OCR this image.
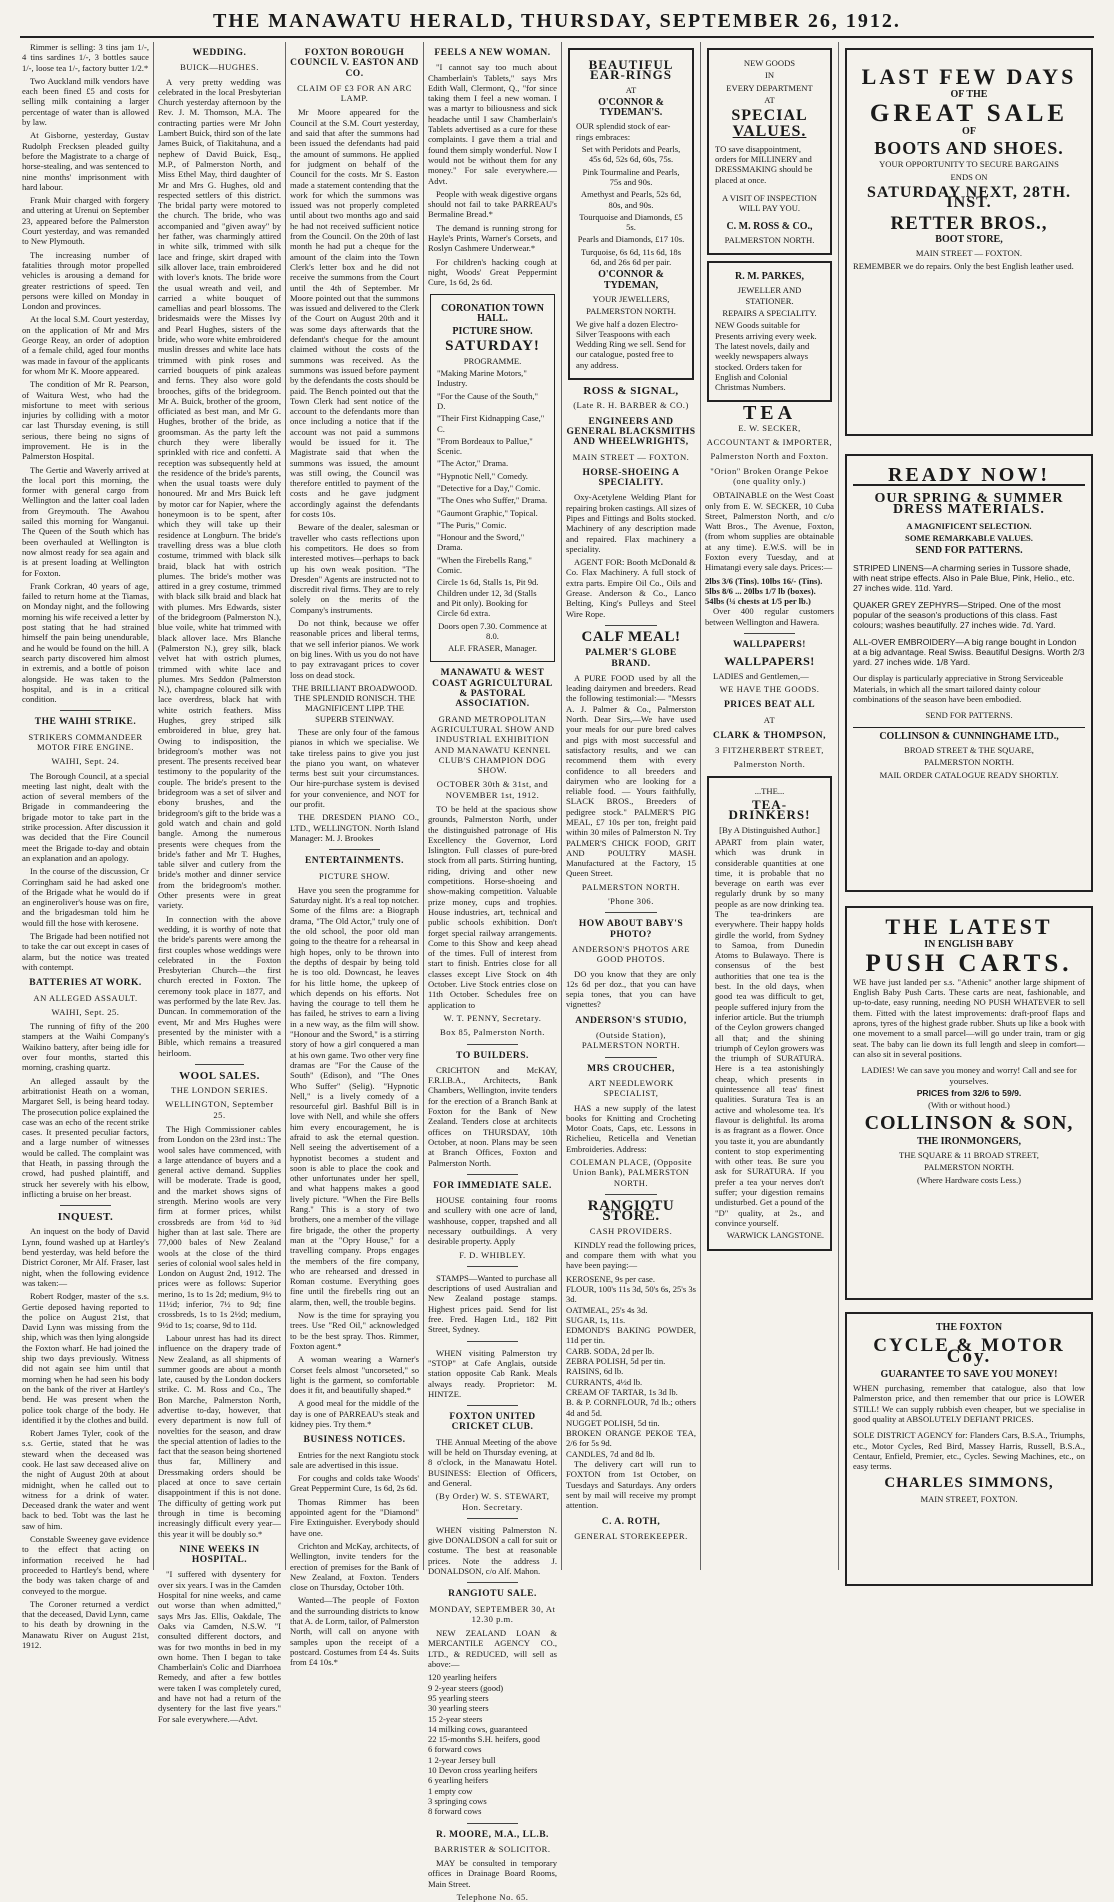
THE MANAWATU HERALD, THURSDAY, SEPTEMBER 26, 1912.

Rimmer is selling: 3 tins jam 1/-, 4 tins sardines 1/-, 3 bottles sauce 1/-, loose tea 1/-, factory butter 1/2.*

Two Auckland milk vendors have each been fined £5 and costs for selling milk containing a larger percentage of water than is allowed by law.

At Gisborne, yesterday, Gustav Rudolph Frecksen pleaded guilty before the Magistrate to a charge of horse-stealing, and was sentenced to nine months' imprisonment with hard labour.

Frank Muir charged with forgery and uttering at Urenui on September 23, appeared before the Palmerston Court yesterday, and was remanded to New Plymouth.

The increasing number of fatalities through motor propelled vehicles is arousing a demand for greater restrictions of speed. Ten persons were killed on Monday in London and provinces.

At the local S.M. Court yesterday, on the application of Mr and Mrs George Reay, an order of adoption of a female child, aged four months was made in favour of the applicants for whom Mr K. Moore appeared.

The condition of Mr R. Pearson, of Waitura West, who had the misfortune to meet with serious injuries by colliding with a motor car last Thursday evening, is still serious, there being no signs of improvement. He is in the Palmerston Hospital.

The Gertie and Waverly arrived at the local port this morning, the former with general cargo from Wellington and the latter coal laden from Greymouth. The Awahou sailed this morning for Wanganui. The Queen of the South which has been overhauled at Wellington is now almost ready for sea again and is at present loading at Wellington for Foxton.

Frank Corkran, 40 years of age, failed to return home at the Tiamas, on Monday night, and the following morning his wife received a letter by post stating that he had strained himself the pain being unendurable, and he would be found on the hill. A search party discovered him almost in extremis, and a bottle of poison alongside. He was taken to the hospital, and is in a critical condition.

THE WAIHI STRIKE.
STRIKERS COMMANDEER MOTOR FIRE ENGINE.
WAIHI, Sept. 24.

The Borough Council, at a special meeting last night, dealt with the action of several members of the Brigade in commandeering the brigade motor to take part in the strike procession. After discussion it was decided that the Fire Council meet the Brigade to-day and obtain an explanation and an apology.

In the course of the discussion, Cr Corringham said he had asked one of the Brigade what he would do if an engineroliver's house was on fire, and the brigadesman told him he would fill the hose with kerosene.

The Brigade had been notified not to take the car out except in cases of alarm, but the notice was treated with contempt.

BATTERIES AT WORK.
AN ALLEGED ASSAULT.
WAIHI, Sept. 25.

The running of fifty of the 200 stampers at the Waihi Company's Waikino battery, after being idle for over four months, started this morning, crashing quartz.

An alleged assault by the arbitrationist Heath on a woman, Margaret Sell, is being heard today. The prosecution police explained the case was an echo of the recent strike cases. It presented peculiar factors, and a large number of witnesses would be called. The complaint was that Heath, in passing through the crowd, had pushed plaintiff, and struck her severely with his elbow, inflicting a bruise on her breast.

INQUEST.

An inquest on the body of David Lynn, found washed up at Hartley's bend yesterday, was held before the District Coroner, Mr Alf. Fraser, last night, when the following evidence was taken:—

Robert Rodger, master of the s.s. Gertie deposed having reported to the police on August 21st, that David Lynn was missing from the ship, which was then lying alongside the Foxton wharf. He had joined the ship two days previously. Witness did not again see him until that morning when he had seen his body on the bank of the river at Hartley's bend. He was present when the police took charge of the body. He identified it by the clothes and build.

Robert James Tyler, cook of the s.s. Gertie, stated that he was steward when the deceased was cook. He last saw deceased alive on the night of August 20th at about midnight, when he called out to witness for a drink of water. Deceased drank the water and went back to bed. Tobt was the last he saw of him.

Constable Sweeney gave evidence to the effect that acting on information received he had proceeded to Hartley's bend, where the body was taken charge of and conveyed to the morgue.

The Coroner returned a verdict that the deceased, David Lynn, came to his death by drowning in the Manawatu River on August 21st, 1912.

WEDDING.
BUICK—HUGHES.

A very pretty wedding was celebrated in the local Presbyterian Church yesterday afternoon by the Rev. J. M. Thomson, M.A. The contracting parties were Mr John Lambert Buick, third son of the late James Buick, of Tiakitahuna, and a nephew of David Buick, Esq., M.P., of Palmerston North, and Miss Ethel May, third daughter of Mr and Mrs G. Hughes, old and respected settlers of this district. The bridal party were motored to the church. The bride, who was accompanied and "given away" by her father, was charmingly attired in white silk, trimmed with silk lace and fringe, skirt draped with silk allover lace, train embroidered with lover's knots. The bride wore the usual wreath and veil, and carried a white bouquet of camellias and pearl blossoms. The bridesmaids were the Misses Ivy and Pearl Hughes, sisters of the bride, who wore white embroidered muslin dresses and white lace hats trimmed with pink roses and carried bouquets of pink azaleas and ferns. They also wore gold brooches, gifts of the bridegroom. Mr A. Buick, brother of the groom, officiated as best man, and Mr G. Hughes, brother of the bride, as groomsman. As the party left the church they were liberally sprinkled with rice and confetti. A reception was subsequently held at the residence of the bride's parents, when the usual toasts were duly honoured. Mr and Mrs Buick left by motor car for Napier, where the honeymoon is to be spent, after which they will take up their residence at Longburn. The bride's travelling dress was a blue cloth costume, trimmed with black silk braid, black hat with ostrich plumes. The bride's mother was attired in a grey costume, trimmed with black silk braid and black hat with plumes. Mrs Edwards, sister of the bridegroom (Palmerston N.), blue voile, white hat trimmed with black allover lace. Mrs Blanche (Palmerston N.), grey silk, black velvet hat with ostrich plumes, trimmed with white lace and plumes. Mrs Seddon (Palmerston N.), champagne coloured silk with lace overdress, black hat with white ostrich feathers. Miss Hughes, grey striped silk embroidered in blue, grey hat. Owing to indisposition, the bridegroom's mother was not present. The presents received bear testimony to the popularity of the couple. The bride's present to the bridegroom was a set of silver and ebony brushes, and the bridegroom's gift to the bride was a gold watch and chain and gold bangle. Among the numerous presents were cheques from the bride's father and Mr T. Hughes, table silver and cutlery from the bride's mother and dinner service from the bridegroom's mother. Other presents were in great variety.

In connection with the above wedding, it is worthy of note that the bride's parents were among the first couples whose weddings were celebrated in the Foxton Presbyterian Church—the first church erected in Foxton. The ceremony took place in 1877, and was performed by the late Rev. Jas. Duncan. In commemoration of the event, Mr and Mrs Hughes were presented by the minister with a Bible, which remains a treasured heirloom.

WOOL SALES.
THE LONDON SERIES.
WELLINGTON, September 25.

The High Commissioner cables from London on the 23rd inst.: The wool sales have commenced, with a large attendance of buyers and a general active demand. Supplies will be moderate. Trade is good, and the market shows signs of strength. Merino wools are very firm at former prices, whilst crossbreds are from ½d to ¾d higher than at last sale. There are 77,000 bales of New Zealand wools at the close of the third series of colonial wool sales held in London on August 2nd, 1912. The prices were as follows: Superior merino, 1s to 1s 2d; medium, 9½ to 11½d; inferior, 7½ to 9d; fine crossbreds, 1s to 1s 2½d; medium, 9½d to 1s; coarse, 9d to 11d.

Labour unrest has had its direct influence on the drapery trade of New Zealand, as all shipments of summer goods are about a month late, caused by the London dockers strike. C. M. Ross and Co., The Bon Marche, Palmerston North, advertise to-day, however, that every department is now full of novelties for the season, and draw the special attention of ladies to the fact that the season being shortened thus far, Millinery and Dressmaking orders should be placed at once to save certain disappointment if this is not done. The difficulty of getting work put through in time is becoming increasingly difficult every year—this year it will be doubly so.*

NINE WEEKS IN HOSPITAL.

"I suffered with dysentery for over six years. I was in the Camden Hospital for nine weeks, and came out worse than when admitted," says Mrs Jas. Ellis, Oakdale, The Oaks via Camden, N.S.W. "I consulted different doctors, and was for two months in bed in my own home. Then I began to take Chamberlain's Colic and Diarrhoea Remedy, and after a few bottles were taken I was completely cured, and have not had a return of the dysentery for the last five years." For sale everywhere.—Advt.

FOXTON BOROUGH COUNCIL V. EASTON AND CO.
CLAIM OF £3 FOR AN ARC LAMP.

Mr Moore appeared for the Council at the S.M. Court yesterday, and said that after the summons had been issued the defendants had paid the amount of summons. He applied for judgment on behalf of the Council for the costs. Mr S. Easton made a statement contending that the work for which the summons was issued was not properly completed until about two months ago and said he had not received sufficient notice from the Council. On the 20th of last month he had put a cheque for the amount of the claim into the Town Clerk's letter box and he did not receive the summons from the Court until the 4th of September. Mr Moore pointed out that the summons was issued and delivered to the Clerk of the Court on August 20th and it was some days afterwards that the defendant's cheque for the amount claimed without the costs of the summons was received. As the summons was issued before payment by the defendants the costs should be paid. The Bench pointed out that the Town Clerk had sent notice of the account to the defendants more than once including a notice that if the account was not paid a summons would be issued for it. The Magistrate said that when the summons was issued, the amount was still owing, the Council was therefore entitled to payment of the costs and he gave judgment accordingly against the defendants for costs 10s.

Beware of the dealer, salesman or traveller who casts reflections upon his competitors. He does so from interested motives—perhaps to back up his own weak position. "The Dresden" Agents are instructed not to discredit rival firms. They are to rely solely on the merits of the Company's instruments.

Do not think, because we offer reasonable prices and liberal terms, that we sell inferior pianos. We work on big lines. With us you do not have to pay extravagant prices to cover loss on dead stock.

THE BRILLIANT BROADWOOD. THE SPLENDID RONISCH. THE MAGNIFICENT LIPP. THE SUPERB STEINWAY.

These are only four of the famous pianos in which we specialise. We take tireless pains to give you just the piano you want, on whatever terms best suit your circumstances. Our hire-purchase system is devised for your convenience, and NOT for our profit.

THE DRESDEN PIANO CO., LTD., WELLINGTON. North Island Manager: M. J. Brookes

ENTERTAINMENTS.
PICTURE SHOW.

Have you seen the programme for Saturday night. It's a real top notcher. Some of the films are: a Biograph drama, "The Old Actor," truly one of the old school, the poor old man going to the theatre for a rehearsal in high hopes, only to be thrown into the depths of despair by being told he is too old. Downcast, he leaves for his little home, the upkeep of which depends on his efforts. Not having the courage to tell them he has failed, he strives to earn a living in a new way, as the film will show. "Honour and the Sword," is a stirring story of how a girl conquered a man at his own game. Two other very fine dramas are "For the Cause of the South" (Edison), and "The Ones Who Suffer" (Selig). "Hypnotic Nell," is a lively comedy of a resourceful girl. Bashful Bill is in love with Nell, and while she offers him every encouragement, he is afraid to ask the eternal question. Nell seeing the advertisement of a hypnotist becomes a student and soon is able to place the cook and other unfortunates under her spell, and what happens makes a good lively picture. "When the Fire Bells Rang." This is a story of two brothers, one a member of the village fire brigade, the other the property man at the "Opry House," for a travelling company. Props engages the members of the fire company, who are rehearsed and dressed in Roman costume. Everything goes fine until the firebells ring out an alarm, then, well, the trouble begins.

Now is the time for spraying you trees. Use "Red Oil," acknowledged to be the best spray. Thos. Rimmer, Foxton agent.*

A woman wearing a Warner's Corset feels almost "uncorseted," so light is the garment, so comfortable does it fit, and beautifully shaped.*

A good meal for the middle of the day is one of PARREAU's steak and kidney pies. Try them.*

BUSINESS NOTICES.

Entries for the next Rangiotu stock sale are advertised in this issue.

For coughs and colds take Woods' Great Peppermint Cure, 1s 6d, 2s 6d.

Thomas Rimmer has been appointed agent for the "Diamond" Fire Extinguisher. Everybody should have one.

Crichton and McKay, architects, of Wellington, invite tenders for the erection of premises for the Bank of New Zealand, at Foxton. Tenders close on Thursday, October 10th.

Wanted—The people of Foxton and the surrounding districts to know that A. de Lorm, tailor, of Palmerston North, will call on anyone with samples upon the receipt of a postcard. Costumes from £4 4s. Suits from £4 10s.*

FEELS A NEW WOMAN.

"I cannot say too much about Chamberlain's Tablets," says Mrs Edith Wall, Clermont, Q., "for since taking them I feel a new woman. I was a martyr to biliousness and sick headache until I saw Chamberlain's Tablets advertised as a cure for these complaints. I gave them a trial and found them simply wonderful. Now I would not be without them for any money." For sale everywhere.—Advt.

People with weak digestive organs should not fail to take PARREAU's Bermaline Bread.*

The demand is running strong for Hayle's Prints, Warner's Corsets, and Roslyn Cashmere Underwear.*

For children's hacking cough at night, Woods' Great Peppermint Cure, 1s 6d, 2s 6d.

CORONATION TOWN HALL.
PICTURE SHOW.
SATURDAY!
PROGRAMME.
"Making Marine Motors," Industry.
"For the Cause of the South," D.
"Their First Kidnapping Case," C.
"From Bordeaux to Pallue," Scenic.
"The Actor," Drama.
"Hypnotic Nell," Comedy.
"Detective for a Day," Comic.
"The Ones who Suffer," Drama.
"Gaumont Graphic," Topical.
"The Puris," Comic.
"Honour and the Sword," Drama.
"When the Firebells Rang," Comic.
Circle 1s 6d, Stalls 1s, Pit 9d. Children under 12, 3d (Stalls and Pit only). Booking for Circle 6d extra.
Doors open 7.30. Commence at 8.0.
ALF. FRASER, Manager.
MANAWATU & WEST COAST AGRICULTURAL & PASTORAL ASSOCIATION.
GRAND METROPOLITAN AGRICULTURAL SHOW AND INDUSTRIAL EXHIBITION AND MANAWATU KENNEL CLUB'S CHAMPION DOG SHOW.
OCTOBER 30th & 31st, and NOVEMBER 1st, 1912.

TO be held at the spacious show grounds, Palmerston North, under the distinguished patronage of His Excellency the Governor, Lord Islington. Full classes of pure-bred stock from all parts. Stirring hunting, riding, driving and other new competitions. Horse-shoeing and show-making competition. Valuable prize money, cups and trophies. House industries, art, technical and public schools exhibition. Don't forget special railway arrangements. Come to this Show and keep ahead of the times. Full of interest from start to finish. Entries close for all classes except Live Stock on 4th October. Live Stock entries close on 11th October. Schedules free on application to

W. T. PENNY, Secretary.
Box 85, Palmerston North.
TO BUILDERS.

CRICHTON and McKAY, F.R.I.B.A., Architects, Bank Chambers, Wellington, invite tenders for the erection of a Branch Bank at Foxton for the Bank of New Zealand. Tenders close at architects offices on THURSDAY, 10th October, at noon. Plans may be seen at Branch Offices, Foxton and Palmerston North.

FOR IMMEDIATE SALE.

HOUSE containing four rooms and scullery with one acre of land, washhouse, copper, trapshed and all necessary outbuildings. A very desirable property. Apply

F. D. WHIBLEY.

STAMPS—Wanted to purchase all descriptions of used Australian and New Zealand postage stamps. Highest prices paid. Send for list free. Fred. Hagen Ltd., 182 Pitt Street, Sydney.

WHEN visiting Palmerston try "STOP" at Cafe Anglais, outside station opposite Cab Rank. Meals always ready. Proprietor: M. HINTZE.

FOXTON UNITED CRICKET CLUB.

THE Annual Meeting of the above will be held on Thursday evening, at 8 o'clock, in the Manawatu Hotel. BUSINESS: Election of Officers, and General.

(By Order) W. S. STEWART, Hon. Secretary.

WHEN visiting Palmerston N. give DONALDSON a call for suit or costume. The best at reasonable prices. Note the address J. DONALDSON, c/o Alf. Mahon.

RANGIOTU SALE.
MONDAY, SEPTEMBER 30, At 12.30 p.m.

NEW ZEALAND LOAN & MERCANTILE AGENCY CO., LTD., & REDUCED, will sell as above:—

120 yearling heifers
9 2-year steers (good)
95 yearling steers
30 yearling steers
15 2-year steers
14 milking cows, guaranteed
22 15-months S.H. heifers, good
6 forward cows
1 2-year Jersey bull
10 Devon cross yearling heifers
6 yearling heifers
1 empty cow
3 springing cows
8 forward cows
R. MOORE, M.A., LL.B.
BARRISTER & SOLICITOR.

MAY be consulted in temporary offices in Drainage Board Rooms, Main Street.

Telephone No. 65.
BEAUTIFUL EAR-RINGS
AT
O'CONNOR & TYDEMAN'S.
OUR splendid stock of ear-rings embraces:
Set with Peridots and Pearls, 45s 6d, 52s 6d, 60s, 75s.
Pink Tourmaline and Pearls, 75s and 90s.
Amethyst and Pearls, 52s 6d, 80s, and 90s.
Tourquoise and Diamonds, £5 5s.
Pearls and Diamonds, £17 10s.
Turquoise, 6s 6d, 11s 6d, 18s 6d, and 26s 6d per pair.
O'CONNOR & TYDEMAN,
YOUR JEWELLERS,
PALMERSTON NORTH.
We give half a dozen Electro-Silver Teaspoons with each Wedding Ring we sell. Send for our catalogue, posted free to any address.
ROSS & SIGNAL,
(Late R. H. BARBER & CO.)
ENGINEERS AND GENERAL BLACKSMITHS AND WHEELWRIGHTS,
MAIN STREET — FOXTON.
HORSE-SHOEING A SPECIALITY.

Oxy-Acetylene Welding Plant for repairing broken castings. All sizes of Pipes and Fittings and Bolts stocked. Machinery of any description made and repaired. Flax machinery a speciality.

AGENT FOR: Booth McDonald & Co. Flax Machinery. A full stock of extra parts. Empire Oil Co., Oils and Grease. Anderson & Co., Lanco Belting, King's Pulleys and Steel Wire Rope.

CALF MEAL!
PALMER'S GLOBE BRAND.

A PURE FOOD used by all the leading dairymen and breeders. Read the following testimonial:— "Messrs A. J. Palmer & Co., Palmerston North. Dear Sirs,—We have used your meals for our pure bred calves and pigs with most successful and satisfactory results, and we can recommend them with every confidence to all breeders and dairymen who are looking for a reliable food. — Yours faithfully, SLACK BROS., Breeders of pedigree stock." PALMER'S PIG MEAL, £7 10s per ton, freight paid within 30 miles of Palmerston N. Try PALMER'S CHICK FOOD, GRIT AND POULTRY MASH. Manufactured at the Factory, 15 Queen Street.

PALMERSTON NORTH.
'Phone 306.
HOW ABOUT BABY'S PHOTO?
ANDERSON'S PHOTOS ARE GOOD PHOTOS.

DO you know that they are only 12s 6d per doz., that you can have sepia tones, that you can have vignettes?

ANDERSON'S STUDIO,
(Outside Station), PALMERSTON NORTH.
MRS CROUCHER,
ART NEEDLEWORK SPECIALIST,

HAS a new supply of the latest books for Knitting and Crocheting Motor Coats, Caps, etc. Lessons in Richelieu, Reticella and Venetian Embroideries. Address:

COLEMAN PLACE, (Opposite Union Bank), PALMERSTON NORTH.
RANGIOTU STORE.
CASH PROVIDERS.

KINDLY read the following prices, and compare them with what you have been paying:—

KEROSENE, 9s per case.
FLOUR, 100's 11s 3d, 50's 6s, 25's 3s 3d.
OATMEAL, 25's 4s 3d.
SUGAR, 1s, 11s.
EDMOND'S BAKING POWDER, 11d per tin.
CARB. SODA, 2d per lb.
ZEBRA POLISH, 5d per tin.
RAISINS, 6d lb.
CURRANTS, 4½d lb.
CREAM OF TARTAR, 1s 3d lb.
B. & P. CORNFLOUR, 7d lb.; others 4d and 5d.
NUGGET POLISH, 5d tin.
BROKEN ORANGE PEKOE TEA, 2/6 for 5s 9d.
CANDLES, 7d and 8d lb.

The delivery cart will run to FOXTON from 1st October, on Tuesdays and Saturdays. Any orders sent by mail will receive my prompt attention.

C. A. ROTH,
GENERAL STOREKEEPER.
NEW GOODS
IN
EVERY DEPARTMENT
AT
SPECIAL
VALUES.
TO save disappointment, orders for MILLINERY and DRESSMAKING should be placed at once.
A VISIT OF INSPECTION WILL PAY YOU.
C. M. ROSS & CO.,
PALMERSTON NORTH.
R. M. PARKES,
JEWELLER AND STATIONER.
REPAIRS A SPECIALITY.
NEW Goods suitable for Presents arriving every week. The latest novels, daily and weekly newspapers always stocked. Orders taken for English and Colonial Christmas Numbers.
TEA
E. W. SECKER,
ACCOUNTANT & IMPORTER,
Palmerston North and Foxton.
"Orion" Broken Orange Pekoe (one quality only.)

OBTAINABLE on the West Coast only from E. W. SECKER, 10 Cuba Street, Palmerston North, and c/o Watt Bros., The Avenue, Foxton, (from whom supplies are obtainable at any time). E.W.S. will be in Foxton every Tuesday, and at Himatangi every sale days. Prices:—

2lbs 3/6 (Tins). 10lbs 16/- (Tins).
5lbs 8/6 ... 20lbs 1/7 lb (boxes).
54lbs (¼ chests at 1/5 per lb.)

Over 400 regular customers between Wellington and Hawera.

WALLPAPERS!
WALLPAPERS!

LADIES and Gentlemen,—

WE HAVE THE GOODS.
PRICES BEAT ALL
AT
CLARK & THOMPSON,
3 FITZHERBERT STREET,
Palmerston North.
...THE...
TEA-DRINKERS!
[By A Distinguished Author.]
APART from plain water, which was drunk in considerable quantities at one time, it is probable that no beverage on earth was ever regularly drunk by so many people as are now drinking tea. The tea-drinkers are everywhere. Their happy holds girdle the world, from Sydney to Samoa, from Dunedin Atoms to Bulawayo. There is consensus of the best authorities that one tea is the best. In the old days, when good tea was difficult to get, people suffered injury from the inferior article. But the triumph of the Ceylon growers changed all that; and the shining triumph of Ceylon growers was the triumph of SURATURA. Here is a tea astonishingly cheap, which presents in quintessence all teas' finest qualities. Suratura Tea is an active and wholesome tea. It's flavour is delightful. Its aroma is as fragrant as a flower. Once you taste it, you are abundantly content to stop experimenting with other teas. Be sure you ask for SURATURA. If you prefer a tea your nerves don't suffer; your digestion remains undisturbed. Get a pound of the "D" quality, at 2s., and convince yourself.
WARWICK LANGSTONE.
LAST FEW DAYS
OF THE
GREAT SALE
OF
BOOTS AND SHOES.
YOUR OPPORTUNITY TO SECURE BARGAINS
ENDS ON
SATURDAY NEXT, 28TH. INST.
RETTER BROS.,
BOOT STORE,
MAIN STREET — FOXTON.
REMEMBER we do repairs. Only the best English leather used.
READY NOW!
OUR SPRING & SUMMER DRESS MATERIALS.
A MAGNIFICENT SELECTION.
SOME REMARKABLE VALUES.
SEND FOR PATTERNS.
STRIPED LINENS—A charming series in Tussore shade, with neat stripe effects. Also in Pale Blue, Pink, Helio., etc. 27 inches wide. 11d. Yard.
QUAKER GREY ZEPHYRS—Striped. One of the most popular of the season's productions of this class. Fast colours; washes beautifully. 27 inches wide. 7d. Yard.
ALL-OVER EMBROIDERY—A big range bought in London at a big advantage. Real Swiss. Beautiful Designs. Worth 2/3 yard. 27 inches wide. 1/8 Yard.
Our display is particularly appreciative in Strong Serviceable Materials, in which all the smart tailored dainty colour combinations of the season have been embodied.
SEND FOR PATTERNS.
COLLINSON & CUNNINGHAME LTD.,
BROAD STREET & THE SQUARE,
PALMERSTON NORTH.
MAIL ORDER CATALOGUE READY SHORTLY.
THE LATEST
IN ENGLISH BABY
PUSH CARTS.
WE have just landed per s.s. "Athenic" another large shipment of English Baby Push Carts. These carts are neat, fashionable, and up-to-date, easy running, needing NO PUSH WHATEVER to sell them. Fitted with the latest improvements: draft-proof flaps and aprons, tyres of the highest grade rubber. Shuts up like a book with one movement to a small parcel—will go under train, tram or gig seat. The baby can lie down its full length and sleep in comfort—can also sit in several positions.
LADIES! We can save you money and worry! Call and see for yourselves.
PRICES from 32/6 to 59/9.
(With or without hood.)
COLLINSON & SON,
THE IRONMONGERS,
THE SQUARE & 11 BROAD STREET,
PALMERSTON NORTH.
(Where Hardware costs Less.)
THE FOXTON
CYCLE & MOTOR Coy.
GUARANTEE TO SAVE YOU MONEY!
WHEN purchasing, remember that catalogue, also that low Palmerston price, and then remember that our price is LOWER STILL! We can supply rubbish even cheaper, but we specialise in good quality at ABSOLUTELY DEFIANT PRICES.
SOLE DISTRICT AGENCY for: Flanders Cars, B.S.A., Triumphs, etc., Motor Cycles, Red Bird, Massey Harris, Russell, B.S.A., Centaur, Enfield, Premier, etc., Cycles. Sewing Machines, etc., on easy terms.
CHARLES SIMMONS,
MAIN STREET, FOXTON.
